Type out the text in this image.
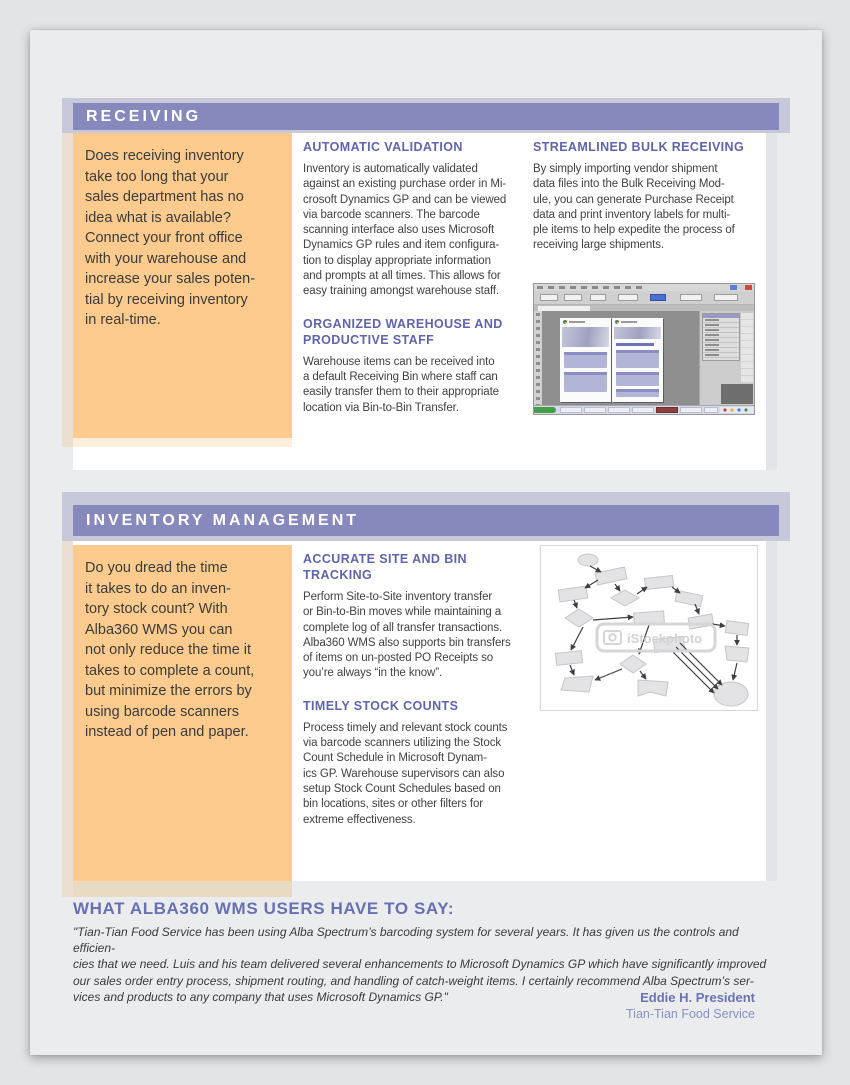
RECEIVING
Does receiving inventory
take too long that your
sales department has no
idea what is available?
Connect your front office
with your warehouse and
increase your sales poten-
tial by receiving inventory
in real-time.
AUTOMATIC VALIDATION
Inventory is automatically validated
against an existing purchase order in Mi-
crosoft Dynamics GP and can be viewed
via barcode scanners. The barcode
scanning interface also uses Microsoft
Dynamics GP rules and item configura-
tion to display appropriate information
and prompts at all times. This allows for
easy training amongst warehouse staff.
ORGANIZED WAREHOUSE AND
PRODUCTIVE STAFF
Warehouse items can be received into
a default Receiving Bin where staff can
easily transfer them to their appropriate
location via Bin-to-Bin Transfer.
STREAMLINED BULK RECEIVING
By simply importing vendor shipment
data files into the Bulk Receiving Mod-
ule, you can generate Purchase Receipt
data and print inventory labels for multi-
ple items to help expedite the process of
receiving large shipments.
INVENTORY MANAGEMENT
Do you dread the time
it takes to do an inven-
tory stock count? With
Alba360 WMS you can
not only reduce the time it
takes to complete a count,
but minimize the errors by
using barcode scanners
instead of pen and paper.
ACCURATE SITE AND BIN
TRACKING
Perform Site-to-Site inventory transfer
or Bin-to-Bin moves while maintaining a
complete log of all transfer transactions.
Alba360 WMS also supports bin transfers
of items on un-posted PO Receipts so
you’re always “in the know”.
TIMELY STOCK COUNTS
Process timely and relevant stock counts
via barcode scanners utilizing the Stock
Count Schedule in Microsoft Dynam-
ics GP. Warehouse supervisors can also
setup Stock Count Schedules based on
bin locations, sites or other filters for
extreme effectiveness.
iStockphoto
WHAT ALBA360 WMS USERS HAVE TO SAY:
"Tian-Tian Food Service has been using Alba Spectrum’s barcoding system for several years. It has given us the controls and efficien-
cies that we need. Luis and his team delivered several enhancements to Microsoft Dynamics GP which have significantly improved
our sales order entry process, shipment routing, and handling of catch-weight items. I certainly recommend Alba Spectrum’s ser-
vices and products to any company that uses Microsoft Dynamics GP."	Eddie H. President
Tian-Tian Food Service
